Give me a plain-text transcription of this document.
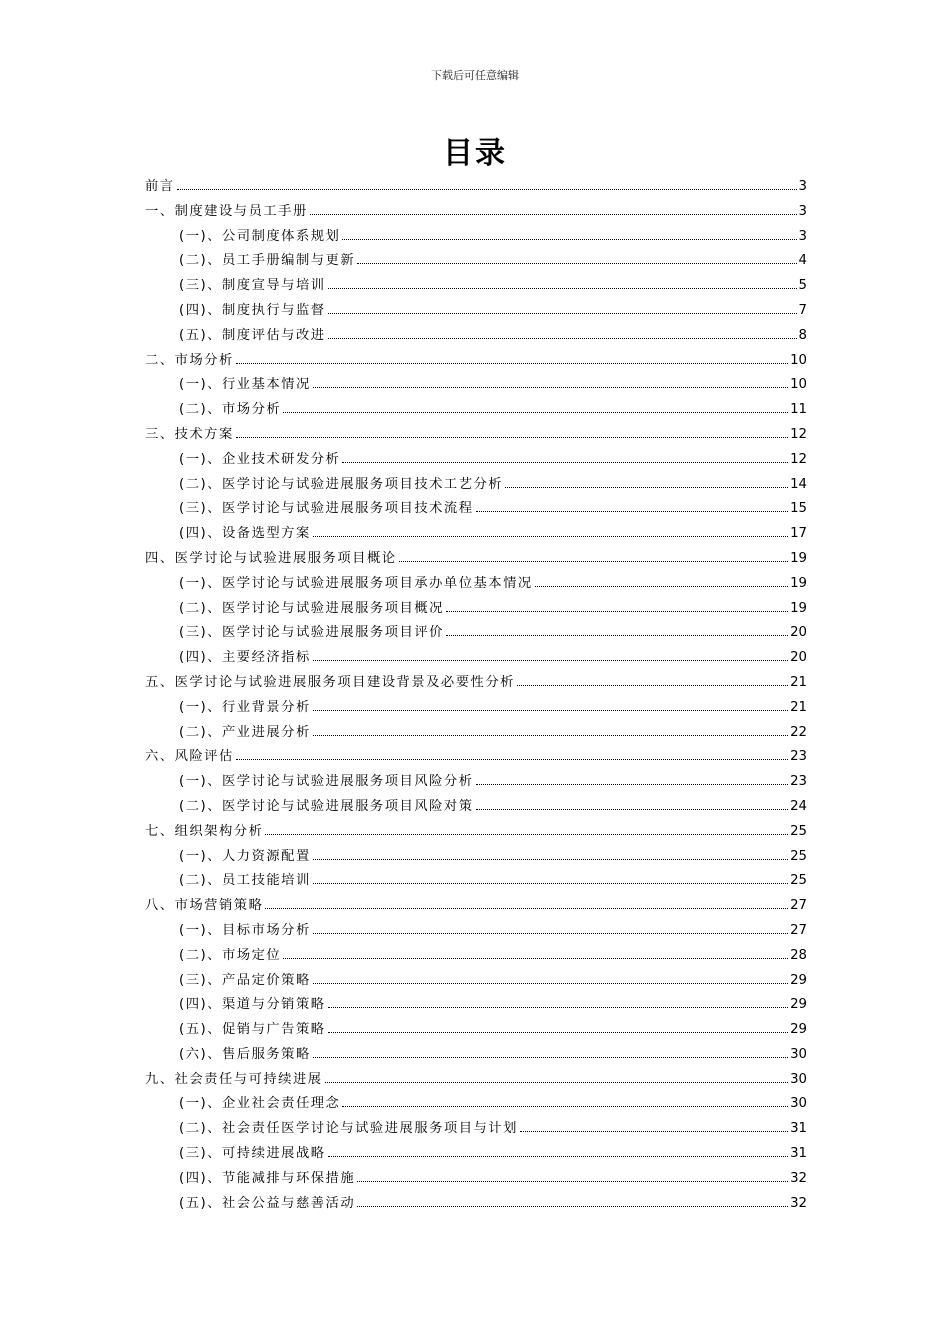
下载后可任意编辑
目录
前言	3
一、制度建设与员工手册	3
(一)、公司制度体系规划	3
(二)、员工手册编制与更新	4
(三)、制度宣导与培训	5
(四)、制度执行与监督	7
(五)、制度评估与改进	8
二、市场分析	10
(一)、行业基本情况	10
(二)、市场分析	11
三、技术方案	12
(一)、企业技术研发分析	12
(二)、医学讨论与试验进展服务项目技术工艺分析	14
(三)、医学讨论与试验进展服务项目技术流程	15
(四)、设备选型方案	17
四、医学讨论与试验进展服务项目概论	19
(一)、医学讨论与试验进展服务项目承办单位基本情况	19
(二)、医学讨论与试验进展服务项目概况	19
(三)、医学讨论与试验进展服务项目评价	20
(四)、主要经济指标	20
五、医学讨论与试验进展服务项目建设背景及必要性分析	21
(一)、行业背景分析	21
(二)、产业进展分析	22
六、风险评估	23
(一)、医学讨论与试验进展服务项目风险分析	23
(二)、医学讨论与试验进展服务项目风险对策	24
七、组织架构分析	25
(一)、人力资源配置	25
(二)、员工技能培训	25
八、市场营销策略	27
(一)、目标市场分析	27
(二)、市场定位	28
(三)、产品定价策略	29
(四)、渠道与分销策略	29
(五)、促销与广告策略	29
(六)、售后服务策略	30
九、社会责任与可持续进展	30
(一)、企业社会责任理念	30
(二)、社会责任医学讨论与试验进展服务项目与计划	31
(三)、可持续进展战略	31
(四)、节能减排与环保措施	32
(五)、社会公益与慈善活动	32
